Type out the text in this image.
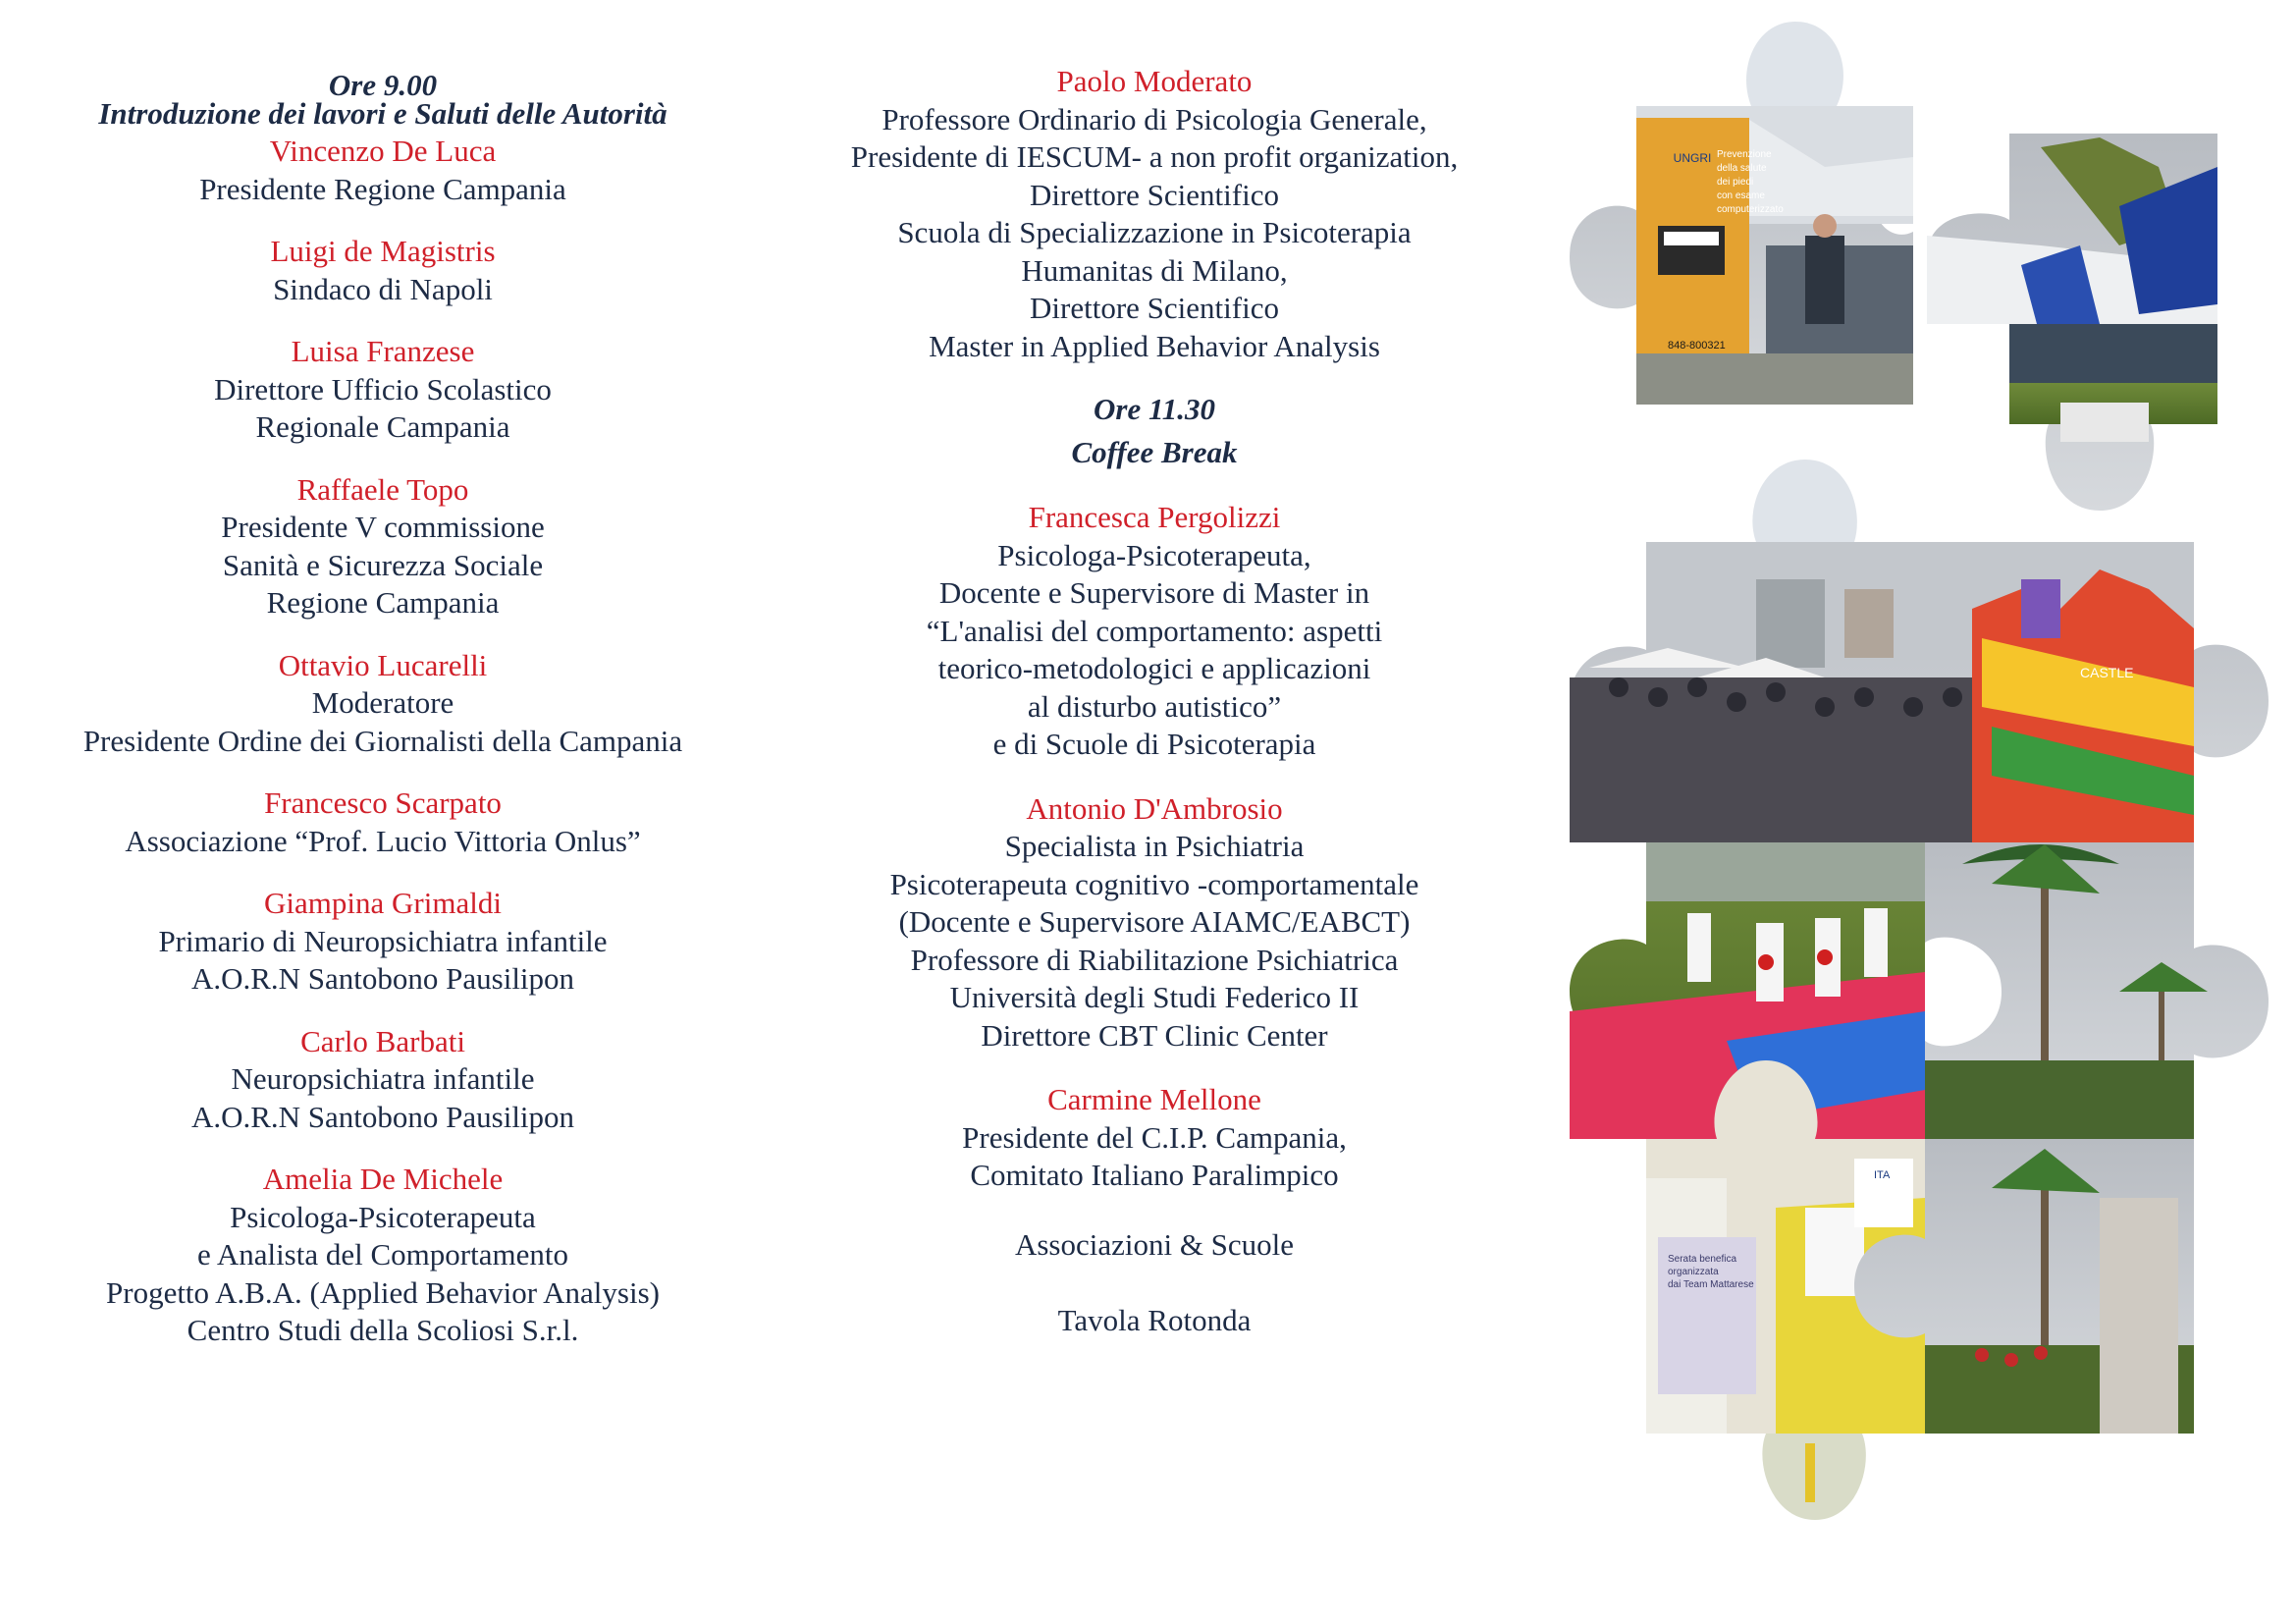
Ore 9.00
Introduzione dei lavori e Saluti delle Autorità
Vincenzo De Luca
Presidente Regione Campania
Luigi de Magistris
Sindaco di Napoli
Luisa Franzese
Direttore Ufficio Scolastico
Regionale Campania
Raffaele Topo
Presidente V commissione
Sanità e Sicurezza Sociale
Regione Campania
Ottavio Lucarelli
Moderatore
Presidente Ordine dei Giornalisti della Campania
Francesco Scarpato
Associazione “Prof. Lucio Vittoria Onlus”
Giampina Grimaldi
Primario di Neuropsichiatra infantile
A.O.R.N Santobono Pausilipon
Carlo Barbati
Neuropsichiatra infantile
A.O.R.N Santobono Pausilipon
Amelia De Michele
Psicologa-Psicoterapeuta
e Analista del Comportamento
Progetto A.B.A. (Applied Behavior Analysis)
Centro Studi della Scoliosi S.r.l.
Paolo Moderato
Professore Ordinario di Psicologia Generale,
Presidente di IESCUM- a non profit organization,
Direttore Scientifico
Scuola di Specializzazione in Psicoterapia
Humanitas di Milano,
Direttore Scientifico
Master in Applied Behavior Analysis
Ore 11.30
Coffee Break
Francesca Pergolizzi
Psicologa-Psicoterapeuta,
Docente e Supervisore di Master in
“L'analisi del comportamento: aspetti
teorico-metodologici e applicazioni
al disturbo autistico”
e di Scuole di Psicoterapia
Antonio D'Ambrosio
Specialista in Psichiatria
Psicoterapeuta cognitivo -comportamentale
(Docente e Supervisore AIAMC/EABCT)
Professore di Riabilitazione Psichiatrica
Università degli Studi Federico II
Direttore CBT Clinic Center
Carmine Mellone
Presidente del C.I.P. Campania,
Comitato Italiano Paralimpico
Associazioni & Scuole
Tavola Rotonda
UNGRI Prevenzione
della salute
dei piedi
con esame
computerizzato
848-800321
CASTLE
Serata benefica
organizzata
dai Team Mattarese
ITA
